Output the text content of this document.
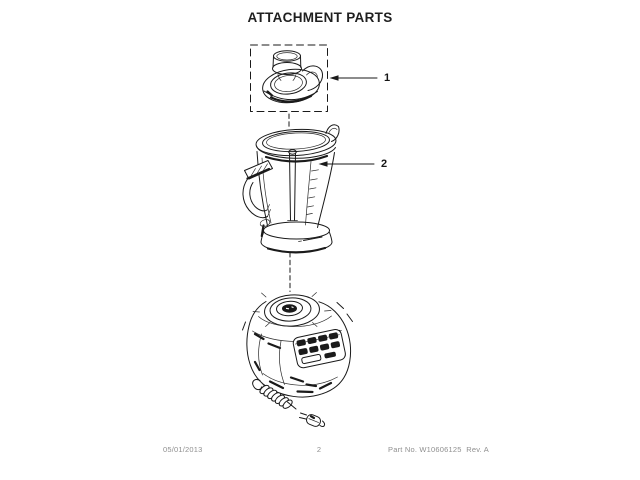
ATTACHMENT PARTS
1
2
05/01/2013	2	Part No. W10606125  Rev. A
